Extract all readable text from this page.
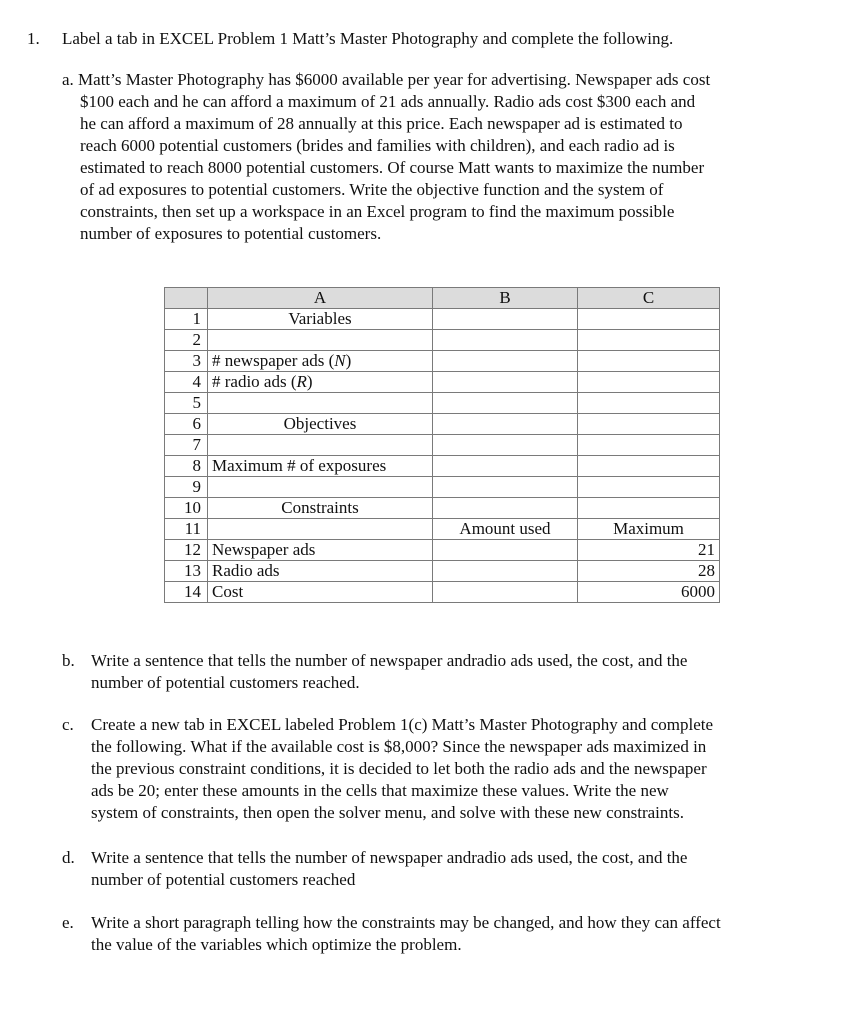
1. Label a tab in EXCEL Problem 1 Matt’s Master Photography and complete the following.
a. Matt’s Master Photography has $6000 available per year for advertising. Newspaper ads cost
$100 each and he can afford a maximum of 21 ads annually. Radio ads cost $300 each and
he can afford a maximum of 28 annually at this price. Each newspaper ad is estimated to
reach 6000 potential customers (brides and families with children), and each radio ad is
estimated to reach 8000 potential customers. Of course Matt wants to maximize the number
of ad exposures to potential customers. Write the objective function and the system of
constraints, then set up a workspace in an Excel program to find the maximum possible
number of exposures to potential customers.
	A	B	C
1	Variables		
2			
3	# newspaper ads (N)		
4	# radio ads (R)		
5			
6	Objectives		
7			
8	Maximum # of exposures		
9			
10	Constraints		
11		Amount used	Maximum
12	Newspaper ads		21
13	Radio ads		28
14	Cost		6000
b. Write a sentence that tells the number of newspaper andradio ads used, the cost, and the
number of potential customers reached.
c. Create a new tab in EXCEL labeled Problem 1(c) Matt’s Master Photography and complete
the following. What if the available cost is $8,000? Since the newspaper ads maximized in
the previous constraint conditions, it is decided to let both the radio ads and the newspaper
ads be 20; enter these amounts in the cells that maximize these values. Write the new
system of constraints, then open the solver menu, and solve with these new constraints.
d. Write a sentence that tells the number of newspaper andradio ads used, the cost, and the
number of potential customers reached
e. Write a short paragraph telling how the constraints may be changed, and how they can affect
the value of the variables which optimize the problem.
